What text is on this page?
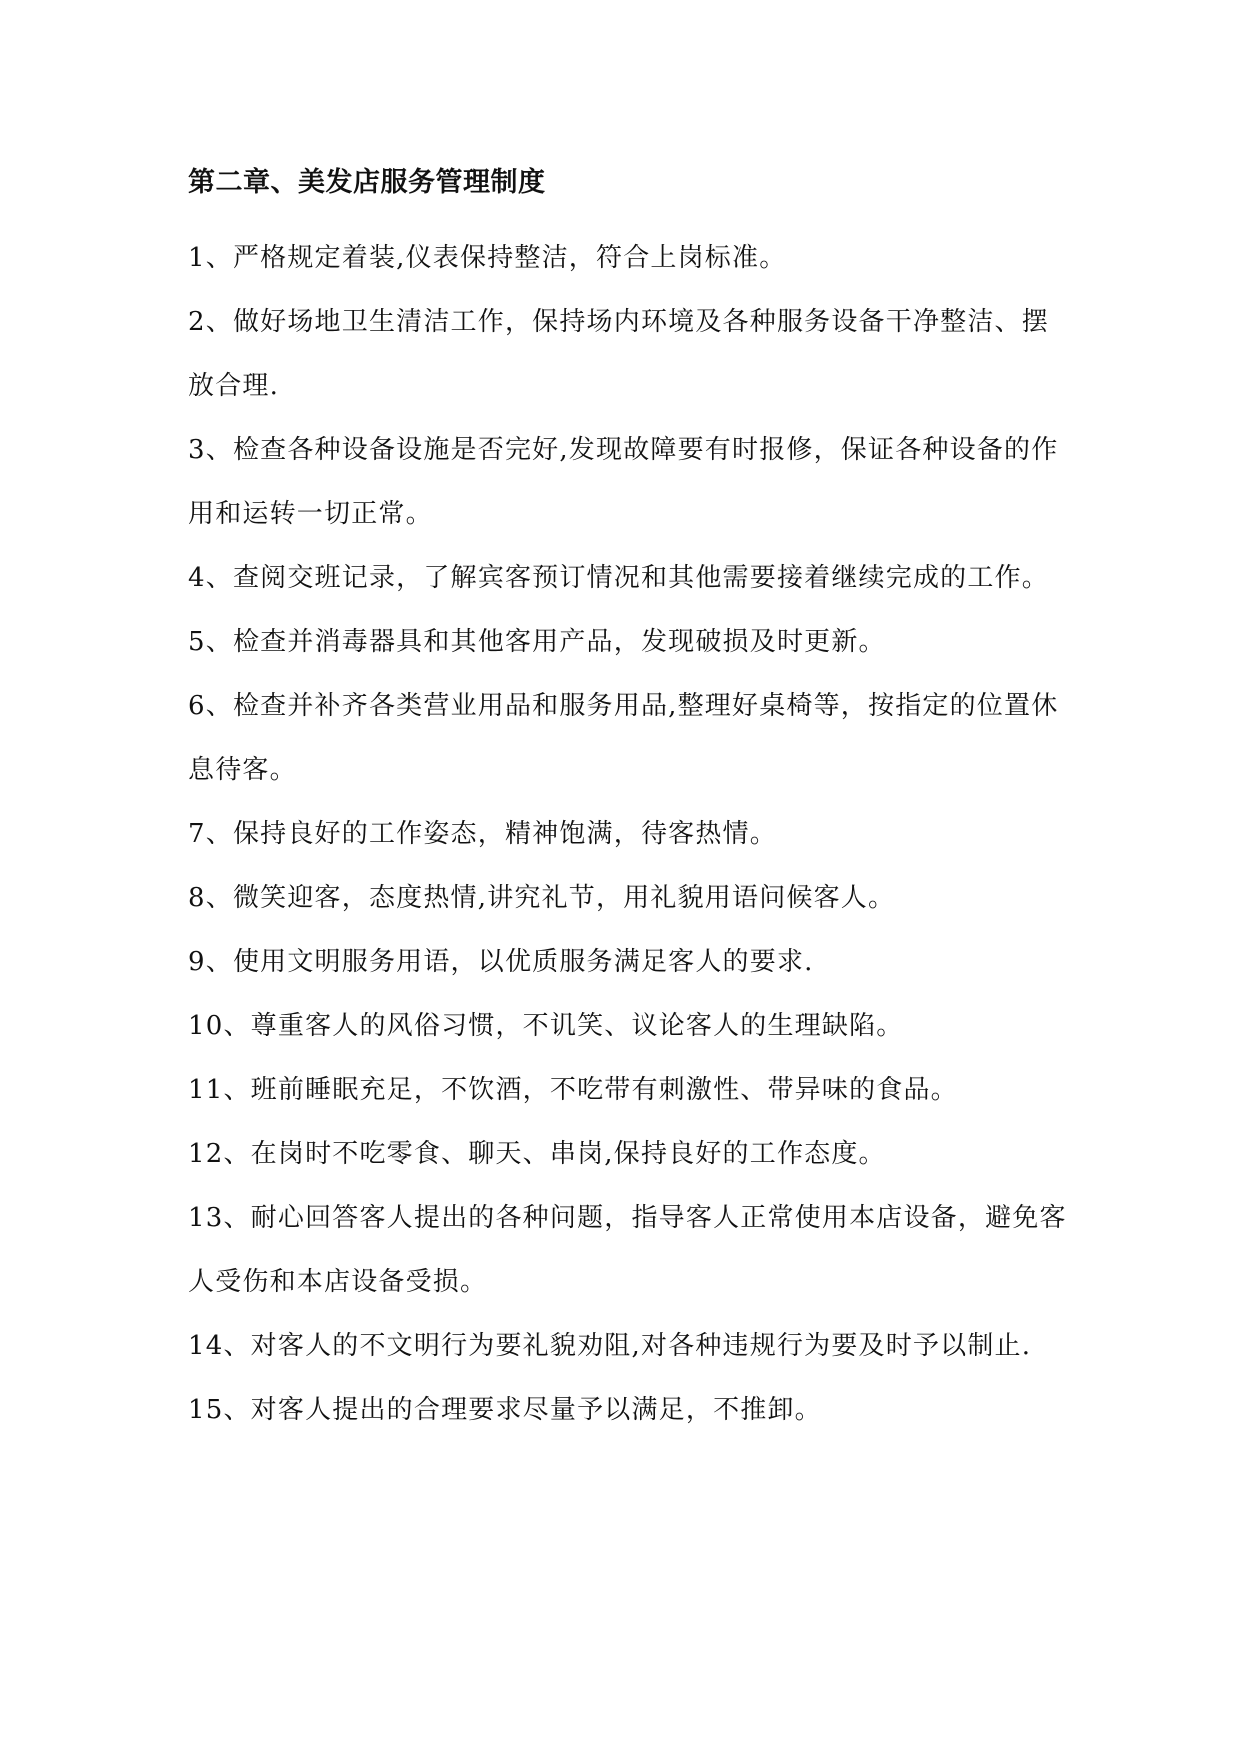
第二章、美发店服务管理制度

1、严格规定着装,仪表保持整洁，符合上岗标准。

2、做好场地卫生清洁工作，保持场内环境及各种服务设备干净整洁、摆放合理.

3、检查各种设备设施是否完好,发现故障要有时报修，保证各种设备的作用和运转一切正常。

4、查阅交班记录，了解宾客预订情况和其他需要接着继续完成的工作。

5、检查并消毒器具和其他客用产品，发现破损及时更新。

6、检查并补齐各类营业用品和服务用品,整理好桌椅等，按指定的位置休息待客。

7、保持良好的工作姿态，精神饱满，待客热情。

8、微笑迎客，态度热情,讲究礼节，用礼貌用语问候客人。

9、使用文明服务用语，以优质服务满足客人的要求.

10、尊重客人的风俗习惯，不讥笑、议论客人的生理缺陷。

11、班前睡眠充足，不饮酒，不吃带有刺激性、带异味的食品。

12、在岗时不吃零食、聊天、串岗,保持良好的工作态度。

13、耐心回答客人提出的各种问题，指导客人正常使用本店设备，避免客人受伤和本店设备受损。

14、对客人的不文明行为要礼貌劝阻,对各种违规行为要及时予以制止.

15、对客人提出的合理要求尽量予以满足，不推卸。
